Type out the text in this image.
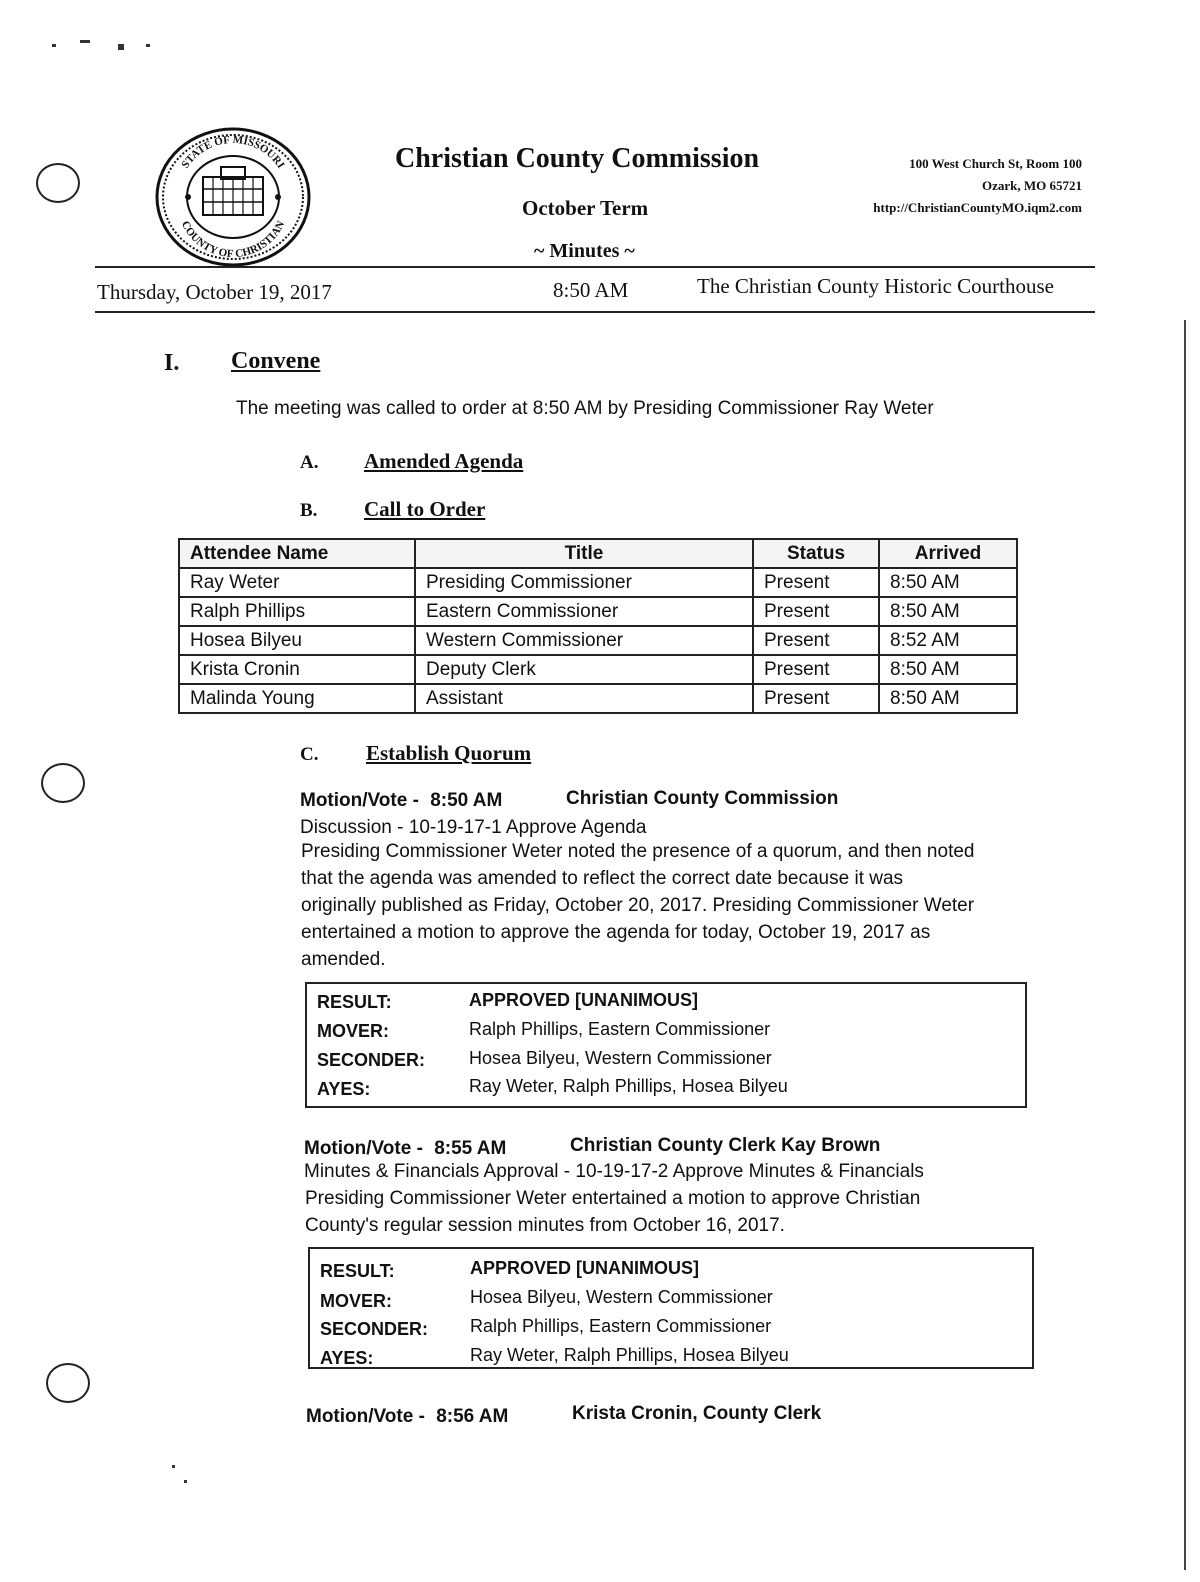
STATE OF MISSOURI
COUNTY OF CHRISTIAN
Christian County Commission
October Term
~ Minutes ~
100 West Church St, Room 100
Ozark, MO 65721
http://ChristianCountyMO.iqm2.com
Thursday, October 19, 2017	8:50 AM	The Christian County Historic Courthouse
I. Convene
The meeting was called to order at 8:50 AM by Presiding Commissioner Ray Weter
A. Amended Agenda
B. Call to Order
Attendee Name	Title	Status	Arrived
Ray Weter	Presiding Commissioner	Present	8:50 AM
Ralph Phillips	Eastern Commissioner	Present	8:50 AM
Hosea Bilyeu	Western Commissioner	Present	8:52 AM
Krista Cronin	Deputy Clerk	Present	8:50 AM
Malinda Young	Assistant	Present	8:50 AM
C. Establish Quorum
Motion/Vote - 8:50 AM	Christian County Commission
Discussion - 10-19-17-1 Approve Agenda
Presiding Commissioner Weter noted the presence of a quorum, and then noted
that the agenda was amended to reflect the correct date because it was
originally published as Friday, October 20, 2017. Presiding Commissioner Weter
entertained a motion to approve the agenda for today, October 19, 2017 as
amended.
RESULT:	APPROVED [UNANIMOUS]
MOVER:	Ralph Phillips, Eastern Commissioner
SECONDER: Hosea Bilyeu, Western Commissioner
AYES:	Ray Weter, Ralph Phillips, Hosea Bilyeu
Motion/Vote - 8:55 AM	Christian County Clerk Kay Brown
Minutes & Financials Approval - 10-19-17-2 Approve Minutes & Financials
Presiding Commissioner Weter entertained a motion to approve Christian
County's regular session minutes from October 16, 2017.
RESULT:	APPROVED [UNANIMOUS]
MOVER:	Hosea Bilyeu, Western Commissioner
SECONDER: Ralph Phillips, Eastern Commissioner
AYES:	Ray Weter, Ralph Phillips, Hosea Bilyeu
Motion/Vote - 8:56 AM	Krista Cronin, County Clerk
